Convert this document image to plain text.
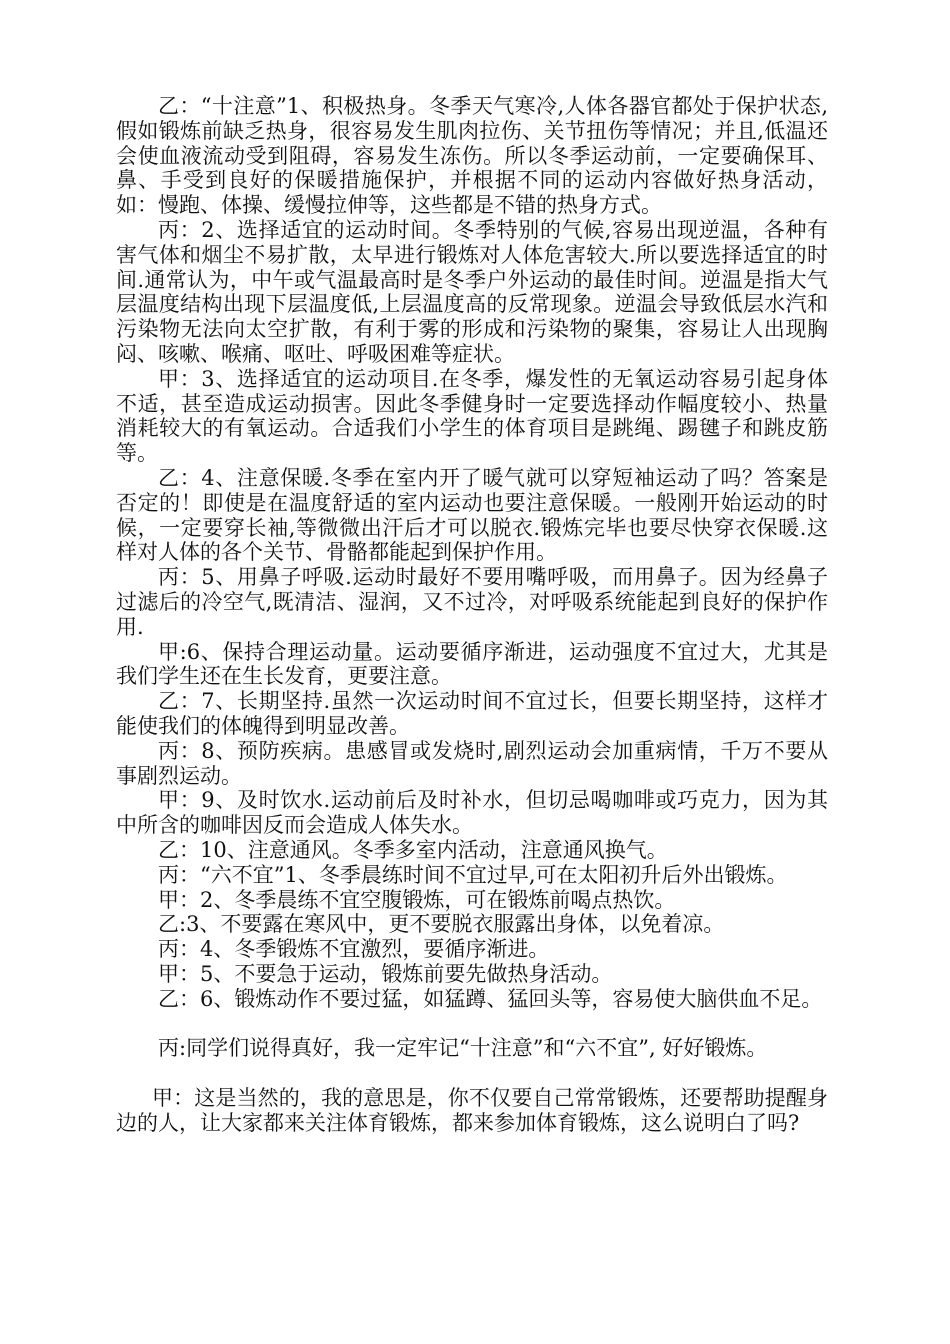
乙：“十注意”1、积极热身。冬季天气寒冷,人体各器官都处于保护状态,假如锻炼前缺乏热身，很容易发生肌肉拉伤、关节扭伤等情况；并且,低温还会使血液流动受到阻碍，容易发生冻伤。所以冬季运动前，一定要确保耳、鼻、手受到良好的保暖措施保护，并根据不同的运动内容做好热身活动，如：慢跑、体操、缓慢拉伸等，这些都是不错的热身方式。

丙：2、选择适宜的运动时间。冬季特别的气候,容易出现逆温，各种有害气体和烟尘不易扩散，太早进行锻炼对人体危害较大.所以要选择适宜的时间.通常认为，中午或气温最高时是冬季户外运动的最佳时间。逆温是指大气层温度结构出现下层温度低,上层温度高的反常现象。逆温会导致低层水汽和污染物无法向太空扩散，有利于雾的形成和污染物的聚集，容易让人出现胸闷、咳嗽、喉痛、呕吐、呼吸困难等症状。

甲：3、选择适宜的运动项目.在冬季，爆发性的无氧运动容易引起身体不适，甚至造成运动损害。因此冬季健身时一定要选择动作幅度较小、热量消耗较大的有氧运动。合适我们小学生的体育项目是跳绳、踢毽子和跳皮筋等。

乙：4、注意保暖.冬季在室内开了暖气就可以穿短袖运动了吗？答案是否定的！即使是在温度舒适的室内运动也要注意保暖。一般刚开始运动的时候，一定要穿长袖,等微微出汗后才可以脱衣.锻炼完毕也要尽快穿衣保暖.这样对人体的各个关节、骨骼都能起到保护作用。

丙：5、用鼻子呼吸.运动时最好不要用嘴呼吸，而用鼻子。因为经鼻子过滤后的冷空气,既清洁、湿润，又不过冷，对呼吸系统能起到良好的保护作用.

甲:6、保持合理运动量。运动要循序渐进，运动强度不宜过大，尤其是我们学生还在生长发育，更要注意。

乙：7、长期坚持.虽然一次运动时间不宜过长，但要长期坚持，这样才能使我们的体魄得到明显改善。

丙：8、预防疾病。患感冒或发烧时,剧烈运动会加重病情，千万不要从事剧烈运动。

甲：9、及时饮水.运动前后及时补水，但切忌喝咖啡或巧克力，因为其中所含的咖啡因反而会造成人体失水。

乙：10、注意通风。冬季多室内活动，注意通风换气。

丙：“六不宜”1、冬季晨练时间不宜过早,可在太阳初升后外出锻炼。

甲：2、冬季晨练不宜空腹锻炼，可在锻炼前喝点热饮。

乙:3、不要露在寒风中，更不要脱衣服露出身体，以免着凉。

丙：4、冬季锻炼不宜激烈，要循序渐进。

甲：5、不要急于运动，锻炼前要先做热身活动。

乙：6、锻炼动作不要过猛，如猛蹲、猛回头等，容易使大脑供血不足。

丙:同学们说得真好，我一定牢记“十注意”和“六不宜”, 好好锻炼。

甲：这是当然的，我的意思是，你不仅要自己常常锻炼，还要帮助提醒身边的人，让大家都来关注体育锻炼，都来参加体育锻炼，这么说明白了吗?
